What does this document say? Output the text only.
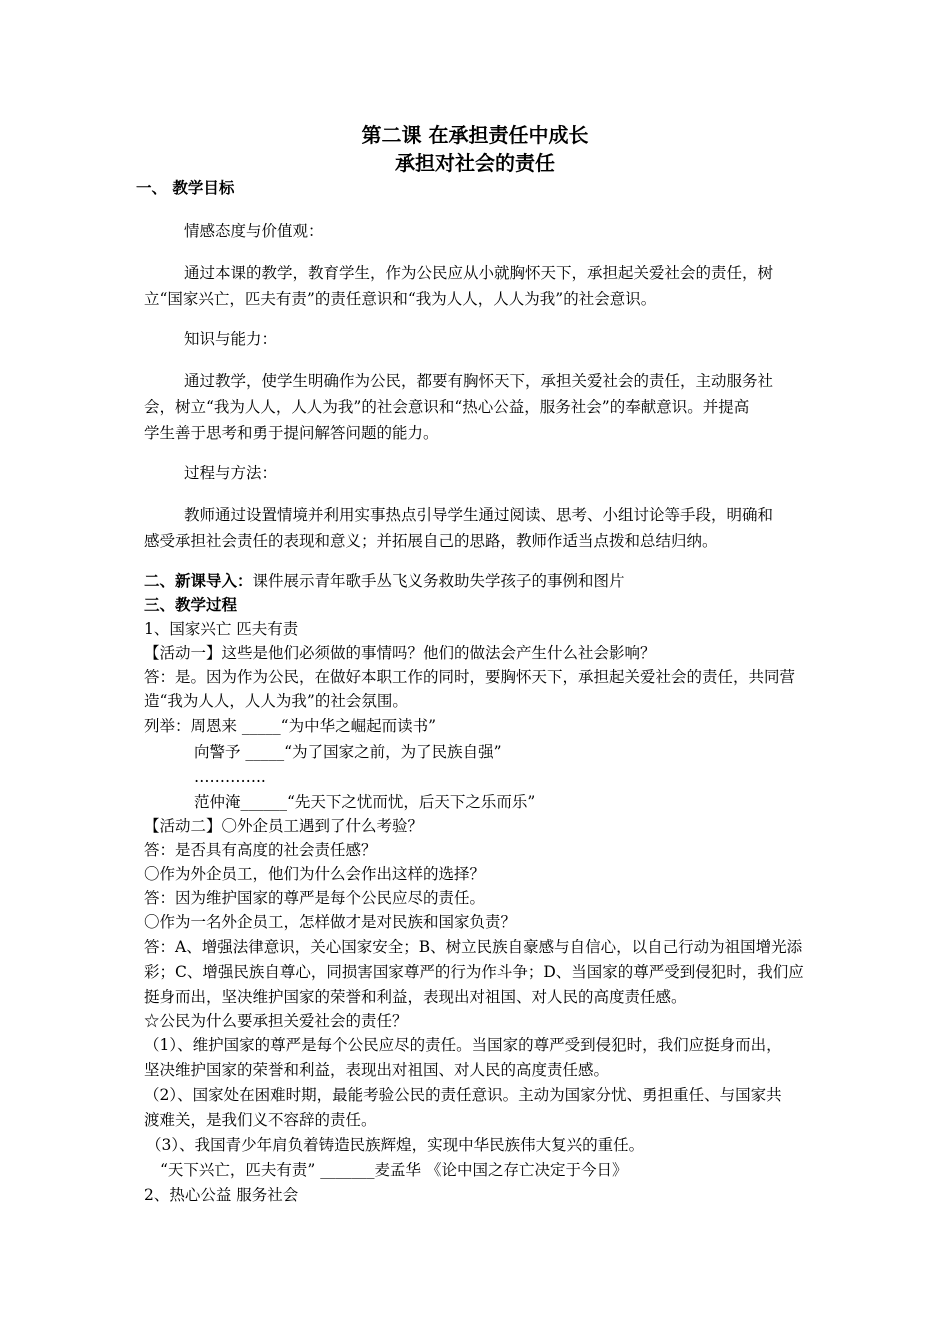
第二课 在承担责任中成长
承担对社会的责任
一、 教学目标
情感态度与价值观：
通过本课的教学，教育学生，作为公民应从小就胸怀天下，承担起关爱社会的责任，树
立“国家兴亡，匹夫有责”的责任意识和“我为人人，人人为我”的社会意识。
知识与能力：
通过教学，使学生明确作为公民，都要有胸怀天下，承担关爱社会的责任，主动服务社
会，树立“我为人人，人人为我”的社会意识和“热心公益，服务社会”的奉献意识。并提高
学生善于思考和勇于提问解答问题的能力。
过程与方法：
教师通过设置情境并利用实事热点引导学生通过阅读、思考、小组讨论等手段，明确和
感受承担社会责任的表现和意义；并拓展自己的思路，教师作适当点拨和总结归纳。
二、新课导入：课件展示青年歌手丛飞义务救助失学孩子的事例和图片
三、教学过程
1、国家兴亡 匹夫有责
【活动一】这些是他们必须做的事情吗？他们的做法会产生什么社会影响？
答：是。因为作为公民，在做好本职工作的同时，要胸怀天下，承担起关爱社会的责任，共同营
造“我为人人，人人为我”的社会氛围。
列举：周恩来 _____“为中华之崛起而读书”
向警予 _____“为了国家之前，为了民族自强”
…………..
范仲淹______“先天下之忧而忧，后天下之乐而乐”
【活动二】〇外企员工遇到了什么考验？
答：是否具有高度的社会责任感？
〇作为外企员工，他们为什么会作出这样的选择？
答：因为维护国家的尊严是每个公民应尽的责任。
〇作为一名外企员工，怎样做才是对民族和国家负责？
答：A、增强法律意识，关心国家安全；B、树立民族自豪感与自信心，以自己行动为祖国增光添
彩；C、增强民族自尊心，同损害国家尊严的行为作斗争；D、当国家的尊严受到侵犯时，我们应
挺身而出，坚决维护国家的荣誉和利益，表现出对祖国、对人民的高度责任感。
☆公民为什么要承担关爱社会的责任？
（1）、维护国家的尊严是每个公民应尽的责任。当国家的尊严受到侵犯时，我们应挺身而出，
坚决维护国家的荣誉和利益，表现出对祖国、对人民的高度责任感。
（2）、国家处在困难时期，最能考验公民的责任意识。主动为国家分忧、勇担重任、与国家共
渡难关，是我们义不容辞的责任。
（3）、我国青少年肩负着铸造民族辉煌，实现中华民族伟大复兴的重任。
“天下兴亡，匹夫有责” _______麦孟华 《论中国之存亡决定于今日》
2、热心公益 服务社会
